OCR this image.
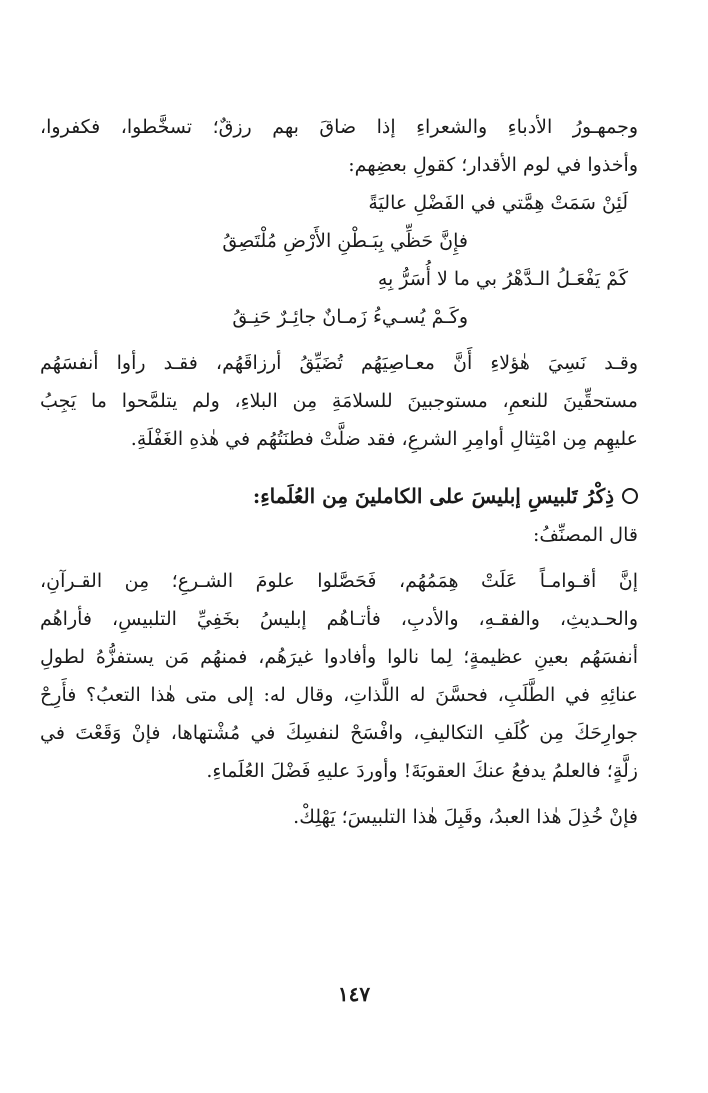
وجمهـورُ الأدباءِ والشعراءِ إذا ضاقَ بهم رزقٌ؛ تسخَّطوا، فكفروا،
وأخذوا في لوم الأقدار؛ كقولِ بعضِهم:
لَئِنْ سَمَتْ هِمَّتي في الفَضْلِ عاليَةً
فإِنَّ حَظِّي بِبَـطْنِ الأَرْضِ مُلْتَصِقُ
كَمْ يَفْعَـلُ الـدَّهْرُ بي ما لا أُسَرُّ بِهِ
وكَـمْ يُسـيءُ زَمـانٌ جائِـرٌ حَنِـقُ
وقـد نَسِيَ هٰؤلاءِ أَنَّ معـاصِيَهُم تُضَيِّقُ أرزاقَهُم، فقـد رأوا أنفسَهُم
مستحقِّينَ للنعمِ، مستوجبينَ للسلامَةِ مِن البلاءِ، ولم يتلمَّحوا ما يَجِبُ
عليهِم مِن امْتِثالِ أوامِرِ الشرعِ، فقد ضلَّتْ فطنَتُهُم في هٰذهِ الغَفْلَةِ.
ذِكْرُ تَلبيسِ إبليسَ على الكاملينَ مِن العُلَماءِ:
قال المصنِّفُ:
إنَّ أقـوامـاً عَلَتْ هِمَمُهُم، فَحَصَّلوا علومَ الشـرعِ؛ مِن القـرآنِ،
والحـديثِ، والفقـهِ، والأدبِ، فأتـاهُم إبليسُ بخَفِيِّ التلبيسِ، فأراهُم
أنفسَهُم بعينِ عظيمةٍ؛ لِما نالوا وأفادوا غيرَهُم، فمنهُم مَن يستفزُّهُ لطولِ
عنائِهِ في الطَّلَبِ، فحسَّنَ له اللَّذاتِ، وقال له: إلى متى هٰذا التعبُ؟ فأَرِحْ
جوارِحَكَ مِن كُلَفِ التكاليفِ، وافْسَحْ لنفسِكَ في مُشْتهاها، فإنْ وَقَعْتَ في
زلَّةٍ؛ فالعلمُ يدفعُ عنكَ العقوبَةَ! وأوردَ عليهِ فَضْلَ العُلَماءِ.
فإنْ خُذِلَ هٰذا العبدُ، وقَبِلَ هٰذا التلبيسَ؛ يَهْلِكْ.
١٤٧
